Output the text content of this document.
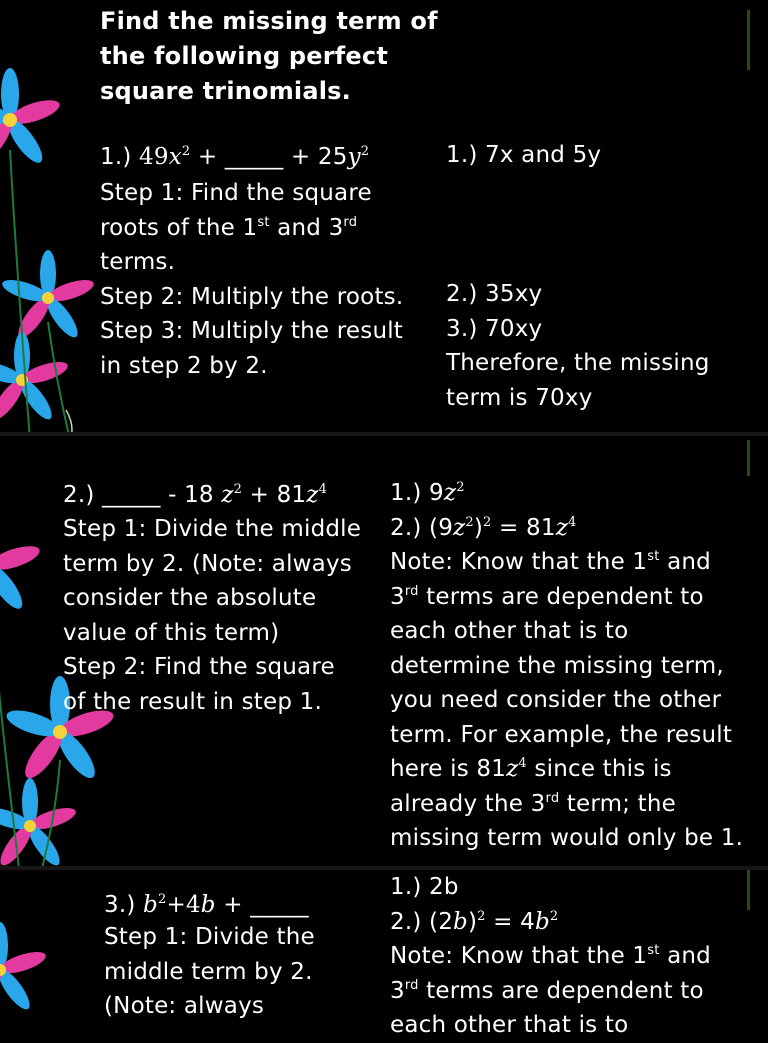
Find the missing term of
the following perfect
square trinomials.
1.) $49x^2$ + _____ + $25y^2$
Step 1: Find the square
roots of the 1st and 3rd
terms.
Step 2: Multiply the roots.
Step 3: Multiply the result
in step 2 by 2.
1.) 7x and 5y
2.) 35xy
3.) 70xy
Therefore, the missing
term is 70xy
2.) _____ - 18 $z^2 + 81z^4$
Step 1: Divide the middle
term by 2. (Note: always
consider the absolute
value of this term)
Step 2: Find the square
of the result in step 1.
1.) $9z^2$
2.) $(9z^2)^2 = 81z^4$
Note: Know that the 1st and
3rd terms are dependent to
each other that is to
determine the missing term,
you need consider the other
term. For example, the result
here is $81z^4$ since this is
already the 3rd term; the
missing term would only be 1.
3.) $b^2+4b$ + _____
Step 1: Divide the
middle term by 2.
(Note: always
1.) 2b
2.) $(2b)^2 = 4b^2$
Note: Know that the 1st and
3rd terms are dependent to
each other that is to
